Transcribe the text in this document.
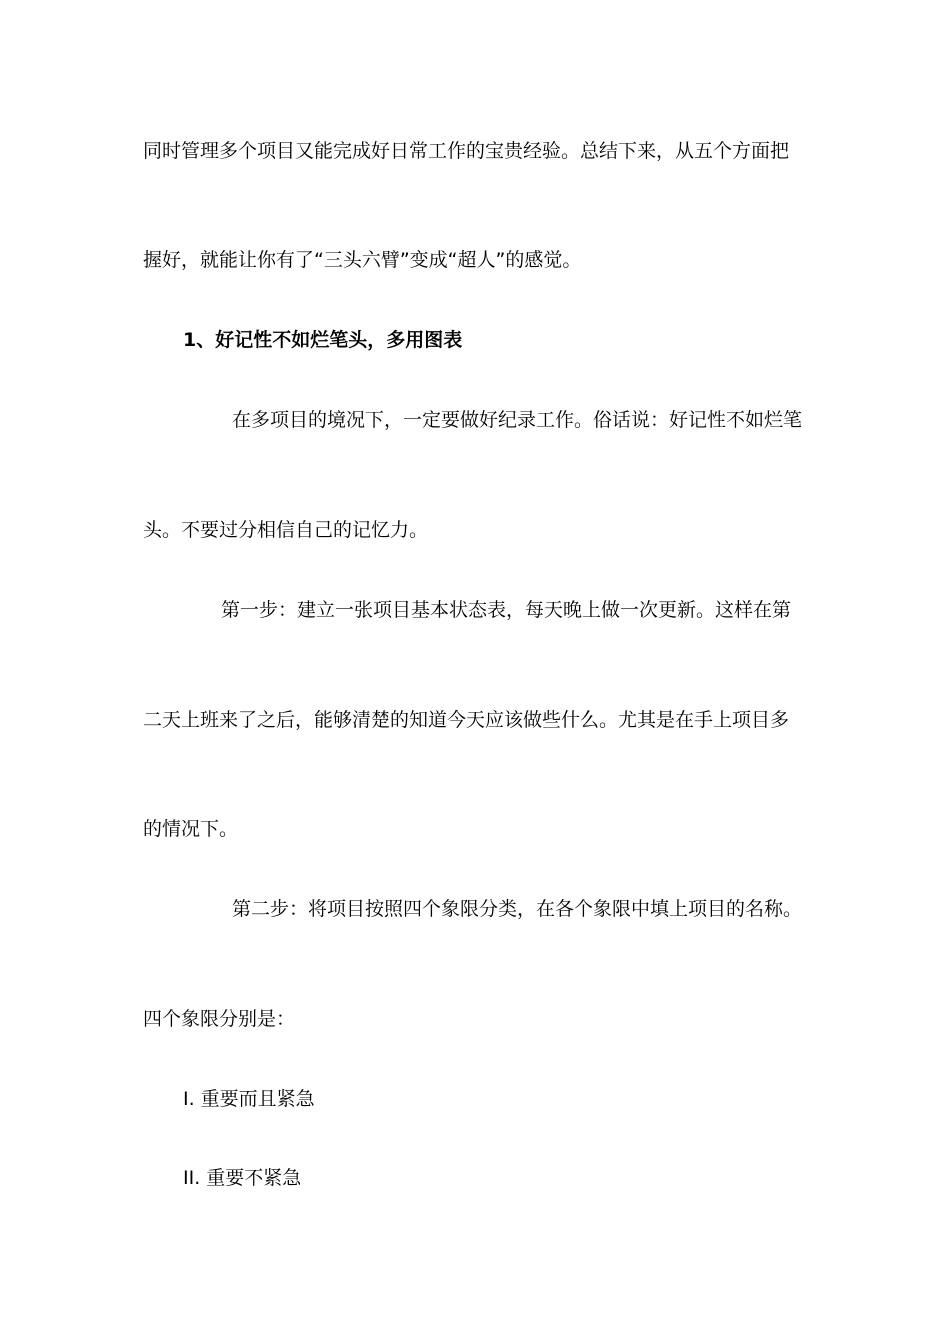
同时管理多个项目又能完成好日常工作的宝贵经验。总结下来，从五个方面把
握好，就能让你有了“三头六臂”变成“超人”的感觉。
1、好记性不如烂笔头，多用图表
在多项目的境况下，一定要做好纪录工作。俗话说：好记性不如烂笔
头。不要过分相信自己的记忆力。
第一步：建立一张项目基本状态表，每天晚上做一次更新。这样在第
二天上班来了之后，能够清楚的知道今天应该做些什么。尤其是在手上项目多
的情况下。
第二步：将项目按照四个象限分类，在各个象限中填上项目的名称。
四个象限分别是：
I. 重要而且紧急
II. 重要不紧急
